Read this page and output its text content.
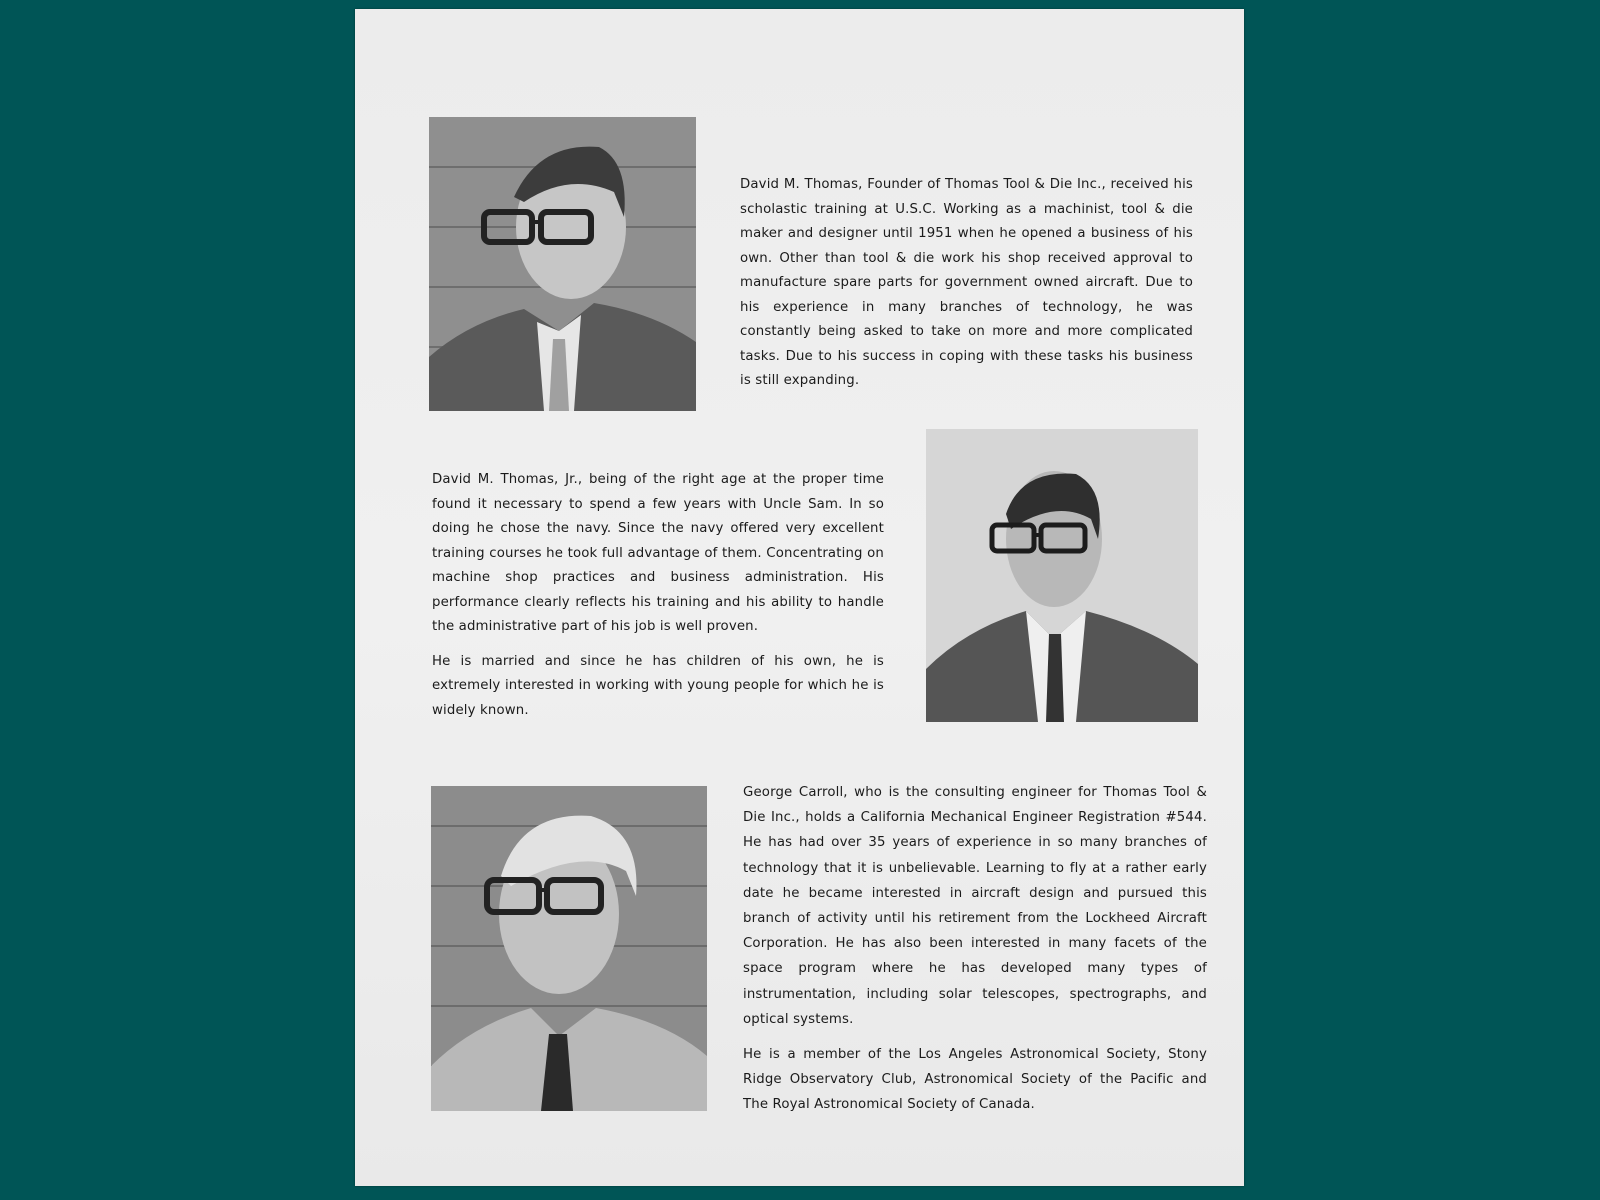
David M. Thomas, Founder of Thomas Tool & Die Inc., received his scholastic training at U.S.C. Working as a machinist, tool & die maker and designer until 1951 when he opened a business of his own. Other than tool & die work his shop received approval to manufacture spare parts for government owned aircraft. Due to his experience in many branches of technology, he was constantly being asked to take on more and more complicated tasks. Due to his success in coping with these tasks his business is still expanding.

David M. Thomas, Jr., being of the right age at the proper time found it necessary to spend a few years with Uncle Sam. In so doing he chose the navy. Since the navy offered very excellent training courses he took full advantage of them. Concentrating on machine shop practices and business administration. His performance clearly reflects his training and his ability to handle the administrative part of his job is well proven.

He is married and since he has children of his own, he is extremely interested in working with young people for which he is widely known.

George Carroll, who is the consulting engineer for Thomas Tool & Die Inc., holds a California Mechanical Engineer Registration #544. He has had over 35 years of experience in so many branches of technology that it is unbelievable. Learning to fly at a rather early date he became interested in aircraft design and pursued this branch of activity until his retirement from the Lockheed Aircraft Corporation. He has also been interested in many facets of the space program where he has developed many types of instrumentation, including solar telescopes, spectrographs, and optical systems.

He is a member of the Los Angeles Astronomical Society, Stony Ridge Observatory Club, Astronomical Society of the Pacific and The Royal Astronomical Society of Canada.
